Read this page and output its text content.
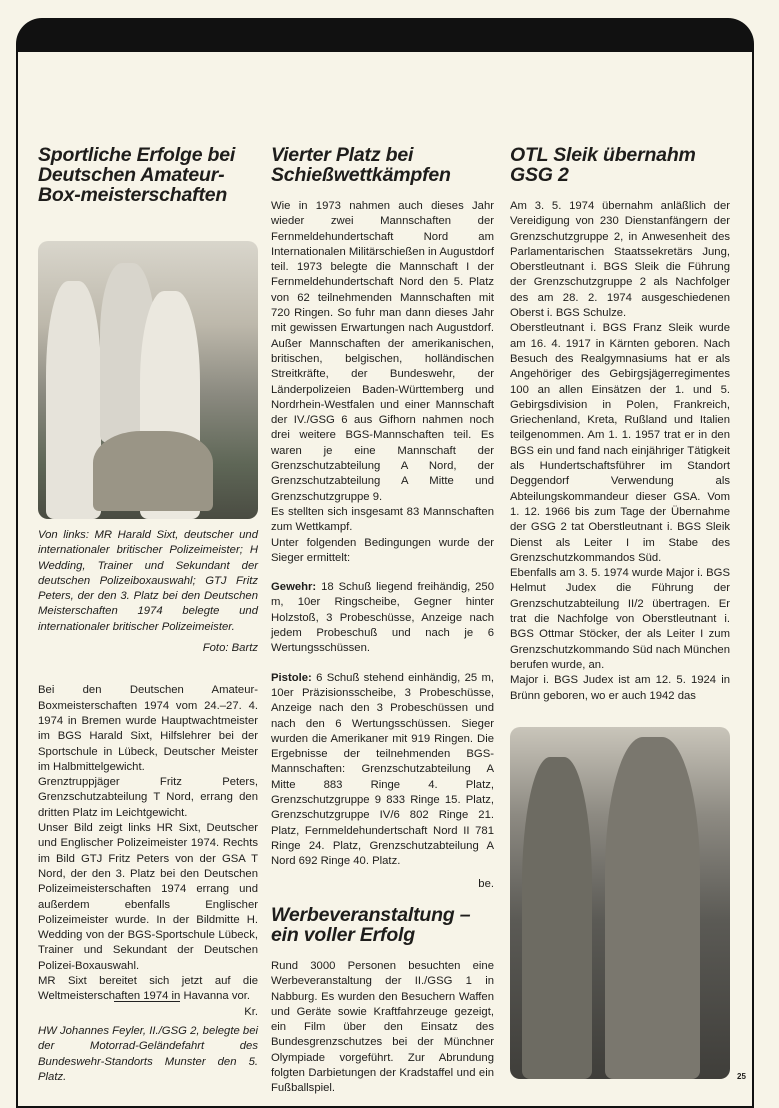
Sportliche Erfolge bei Deutschen Amateur-Box-meisterschaften

Von links: MR Harald Sixt, deutscher und internationaler britischer Polizeimeister; H Wedding, Trainer und Sekundant der deutschen Polizeiboxauswahl; GTJ Fritz Peters, der den 3. Platz bei den Deutschen Meisterschaften 1974 belegte und internationaler britischer Polizeimeister.

Foto: Bartz

Bei den Deutschen Amateur-Boxmeisterschaften 1974 vom 24.–27. 4. 1974 in Bremen wurde Hauptwachtmeister im BGS Harald Sixt, Hilfslehrer bei der Sportschule in Lübeck, Deutscher Meister im Halbmittelgewicht.

Grenztruppjäger Fritz Peters, Grenzschutzabteilung T Nord, errang den dritten Platz im Leichtgewicht.

Unser Bild zeigt links HR Sixt, Deutscher und Englischer Polizeimeister 1974. Rechts im Bild GTJ Fritz Peters von der GSA T Nord, der den 3. Platz bei den Deutschen Polizeimeisterschaften 1974 errang und außerdem ebenfalls Englischer Polizeimeister wurde. In der Bildmitte H. Wedding von der BGS-Sportschule Lübeck, Trainer und Sekundant der Deutschen Polizei-Boxauswahl.

MR Sixt bereitet sich jetzt auf die Weltmeisterschaften 1974 in Havanna vor.

Kr.

HW Johannes Feyler, II./GSG 2, belegte bei der Motorrad-Geländefahrt des Bundeswehr-Standorts Munster den 5. Platz.

Vierter Platz bei Schießwettkämpfen

Wie in 1973 nahmen auch dieses Jahr wieder zwei Mannschaften der Fernmeldehundertschaft Nord am Internationalen Militärschießen in Augustdorf teil. 1973 belegte die Mannschaft I der Fernmeldehundertschaft Nord den 5. Platz von 62 teilnehmenden Mannschaften mit 720 Ringen. So fuhr man dann dieses Jahr mit gewissen Erwartungen nach Augustdorf. Außer Mannschaften der amerikanischen, britischen, belgischen, holländischen Streitkräfte, der Bundeswehr, der Länderpolizeien Baden-Württemberg und Nordrhein-Westfalen und einer Mannschaft der IV./GSG 6 aus Gifhorn nahmen noch drei weitere BGS-Mannschaften teil. Es waren je eine Mannschaft der Grenzschutzabteilung A Nord, der Grenzschutzabteilung A Mitte und Grenzschutzgruppe 9.

Es stellten sich insgesamt 83 Mannschaften zum Wettkampf.

Unter folgenden Bedingungen wurde der Sieger ermittelt:

Gewehr: 18 Schuß liegend freihändig, 250 m, 10er Ringscheibe, Gegner hinter Holzstoß, 3 Probeschüsse, Anzeige nach jedem Probeschuß und nach je 6 Wertungsschüssen.

Pistole: 6 Schuß stehend einhändig, 25 m, 10er Präzisionsscheibe, 3 Probeschüsse, Anzeige nach den 3 Probeschüssen und nach den 6 Wertungsschüssen. Sieger wurden die Amerikaner mit 919 Ringen. Die Ergebnisse der teilnehmenden BGS-Mannschaften: Grenzschutzabteilung A Mitte 883 Ringe 4. Platz, Grenzschutzgruppe 9 833 Ringe 15. Platz, Grenzschutzgruppe IV/6 802 Ringe 21. Platz, Fernmeldehundertschaft Nord II 781 Ringe 24. Platz, Grenzschutzabteilung A Nord 692 Ringe 40. Platz.

be.

Werbeveranstaltung – ein voller Erfolg

Rund 3000 Personen besuchten eine Werbeveranstaltung der II./GSG 1 in Nabburg. Es wurden den Besuchern Waffen und Geräte sowie Kraftfahrzeuge gezeigt, ein Film über den Einsatz des Bundesgrenzschutzes bei der Münchner Olympiade vorgeführt. Zur Abrundung folgten Darbietungen der Kradstaffel und ein Fußballspiel.

OTL Sleik übernahm GSG 2

Am 3. 5. 1974 übernahm anläßlich der Vereidigung von 230 Dienstanfängern der Grenzschutzgruppe 2, in Anwesenheit des Parlamentarischen Staatssekretärs Jung, Oberstleutnant i. BGS Sleik die Führung der Grenzschutzgruppe 2 als Nachfolger des am 28. 2. 1974 ausgeschiedenen Oberst i. BGS Schulze.

Oberstleutnant i. BGS Franz Sleik wurde am 16. 4. 1917 in Kärnten geboren. Nach Besuch des Realgymnasiums hat er als Angehöriger des Gebirgsjägerregimentes 100 an allen Einsätzen der 1. und 5. Gebirgsdivision in Polen, Frankreich, Griechenland, Kreta, Rußland und Italien teilgenommen. Am 1. 1. 1957 trat er in den BGS ein und fand nach einjähriger Tätigkeit als Hundertschaftsführer im Standort Deggendorf Verwendung als Abteilungskommandeur dieser GSA. Vom 1. 12. 1966 bis zum Tage der Übernahme der GSG 2 tat Oberstleutnant i. BGS Sleik Dienst als Leiter I im Stabe des Grenzschutzkommandos Süd.

Ebenfalls am 3. 5. 1974 wurde Major i. BGS Helmut Judex die Führung der Grenzschutzabteilung II/2 übertragen. Er trat die Nachfolge von Oberstleutnant i. BGS Ottmar Stöcker, der als Leiter I zum Grenzschutzkommando Süd nach München berufen wurde, an.

Major i. BGS Judex ist am 12. 5. 1924 in Brünn geboren, wo er auch 1942 das

25
